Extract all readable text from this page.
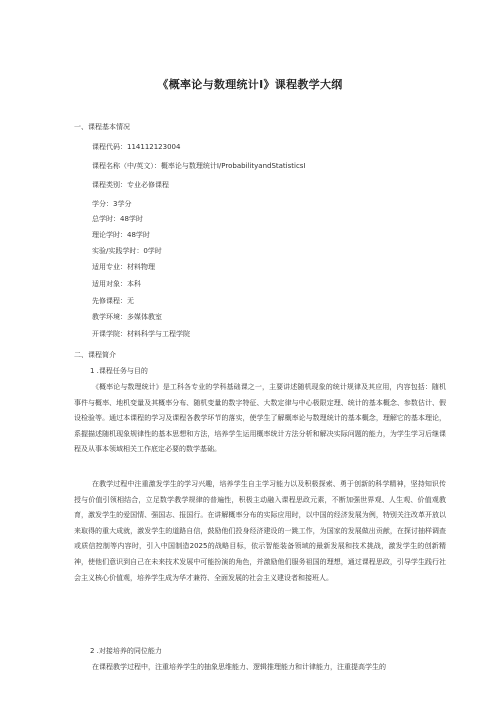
《概率论与数理统计I》课程教学大纲
一、课程基本情况
课程代码：114112123004
课程名称（中/英文）：概率论与数理统计I/ProbabilityandStatisticsI
课程类别：专业必修课程
学分：3学分
总学时：48学时
理论学时：48学时
实验/实践学时：0学时
适用专业：材料物理
适用对象：本科
先修课程：无
教学环境：多媒体教室
开课学院：材料科学与工程学院
二、课程简介
1 .课程任务与目的
《概率论与数理统计》是工科各专业的学科基础课之一，主要讲述随机现象的统计规律及其应用，内容包括：随机事件与概率、地机变量及其概率分布、随机变量的数字特征、大数定律与中心极限定理、统计的基本概念、参数估计、假设检验等。通过本课程的学习及课程各教学环节的落实，使学生了解概率论与数理统计的基本概念，理解它的基本理论，系握描述随机现象规律性的基本思想和方法，培养学生运用概率统计方法分析和解决实际问题的能力，为学生学习后继课程及从事本领域相关工作底定必要的数学基础。
在教学过程中注重激发学生的学习兴趣，培养学生自主学习能力以及积极探索、勇于创新的科学精神，坚持知识传授与价值引领相结合，立足数学教学规律的普遍性，积极主动融入课程思政元素，不断加强世界观、人生观、价值观教育，激发学生的爱国情、强国志、报国行。在讲解概率分布的实际应用时，以中国的经济发展为例，特别关注改革开放以来取得的重大成就，激发学生的道路自信，鼓励他们投身经济建设的一跳工作，为国家的发展做出贡献，在探讨抽样调查或质信控制等内容时，引入中国制造2025的战略目标，依示智能装备领域的最新发展和技术挑战，激发学生的创新精神，使他们意识到自己在未来技术发展中可能扮演的角色，并激励他们服务祖国的理想，通过课程思政，引导学生践行社会主义核心价值观，培养学生成为华才兼符、全面发展的社会主义建设者和接班人。
2 .对接培养的同位能力
在课程教学过程中，注重培养学生的抽象思维能力、逻辑推理能力和计律能力，注重提高学生的
